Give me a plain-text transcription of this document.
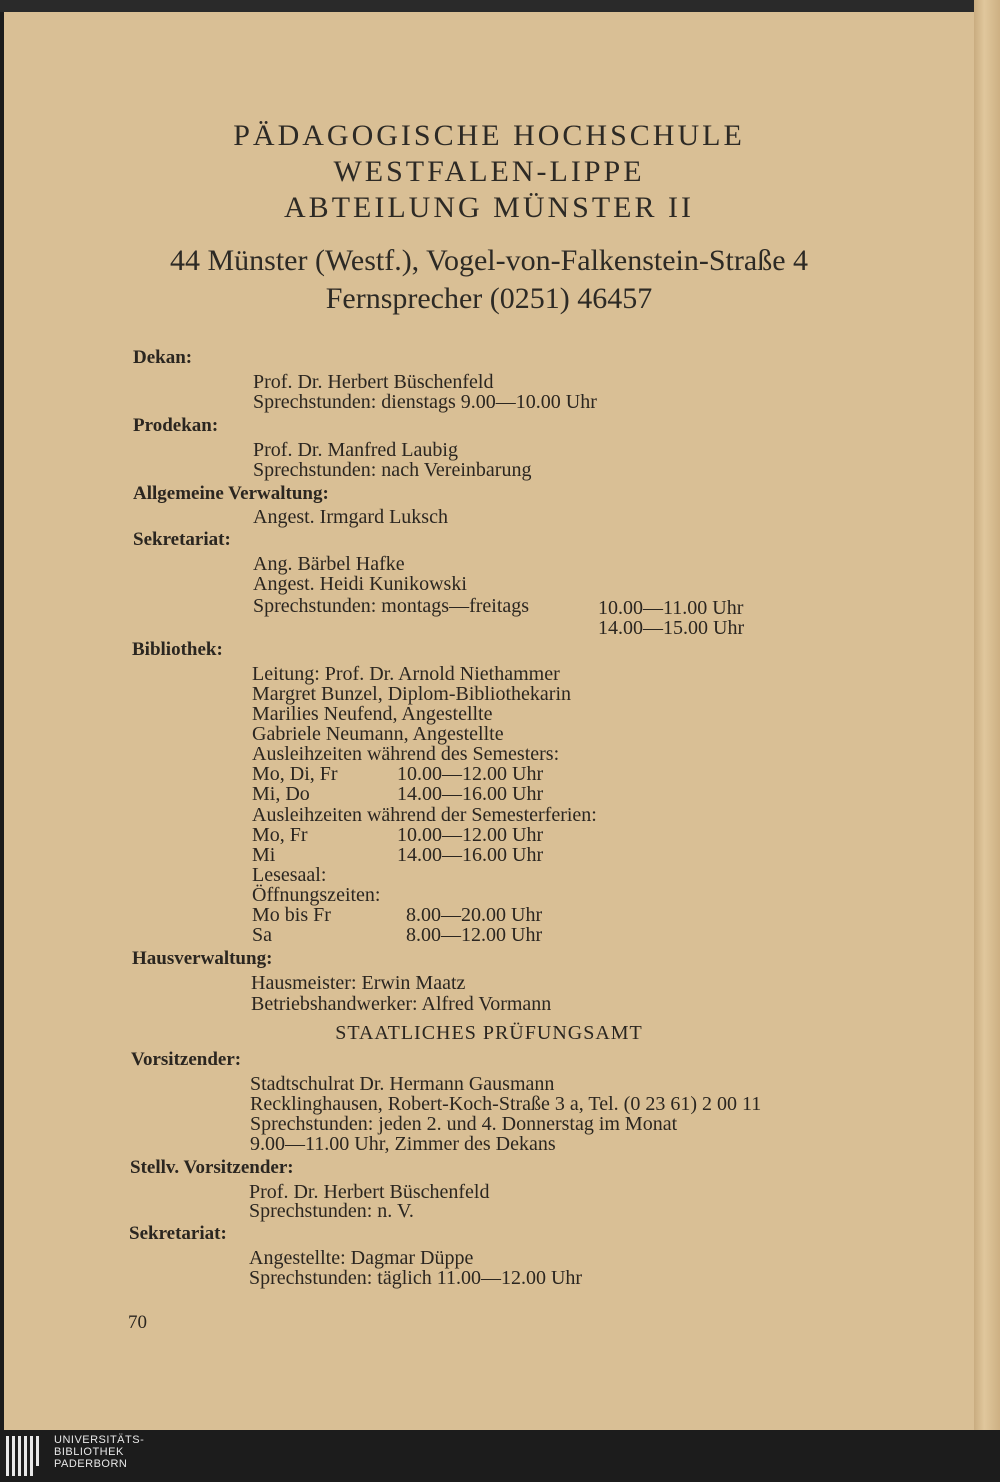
PÄDAGOGISCHE HOCHSCHULE
WESTFALEN-LIPPE
ABTEILUNG MÜNSTER II
44 Münster (Westf.), Vogel-von-Falkenstein-Straße 4
Fernsprecher (0251) 46457
Dekan:
Prof. Dr. Herbert Büschenfeld
Sprechstunden: dienstags 9.00—10.00 Uhr
Prodekan:
Prof. Dr. Manfred Laubig
Sprechstunden: nach Vereinbarung
Allgemeine Verwaltung:
Angest. Irmgard Luksch
Sekretariat:
Ang. Bärbel Hafke
Angest. Heidi Kunikowski
Sprechstunden: montags—freitags	10.00—11.00 Uhr
14.00—15.00 Uhr
Bibliothek:
Leitung: Prof. Dr. Arnold Niethammer
Margret Bunzel, Diplom-Bibliothekarin
Marilies Neufend, Angestellte
Gabriele Neumann, Angestellte
Ausleihzeiten während des Semesters:
Mo, Di, Fr	10.00—12.00 Uhr
Mi, Do	14.00—16.00 Uhr
Ausleihzeiten während der Semesterferien:
Mo, Fr	10.00—12.00 Uhr
Mi	14.00—16.00 Uhr
Lesesaal:
Öffnungszeiten:
Mo bis Fr	8.00—20.00 Uhr
Sa	8.00—12.00 Uhr
Hausverwaltung:
Hausmeister: Erwin Maatz
Betriebshandwerker: Alfred Vormann
STAATLICHES PRÜFUNGSAMT
Vorsitzender:
Stadtschulrat Dr. Hermann Gausmann
Recklinghausen, Robert-Koch-Straße 3 a, Tel. (0 23 61) 2 00 11
Sprechstunden: jeden 2. und 4. Donnerstag im Monat
9.00—11.00 Uhr, Zimmer des Dekans
Stellv. Vorsitzender:
Prof. Dr. Herbert Büschenfeld
Sprechstunden: n. V.
Sekretariat:
Angestellte: Dagmar Düppe
Sprechstunden: täglich 11.00—12.00 Uhr
70
UNIVERSITÄTS-
BIBLIOTHEK
PADERBORN
